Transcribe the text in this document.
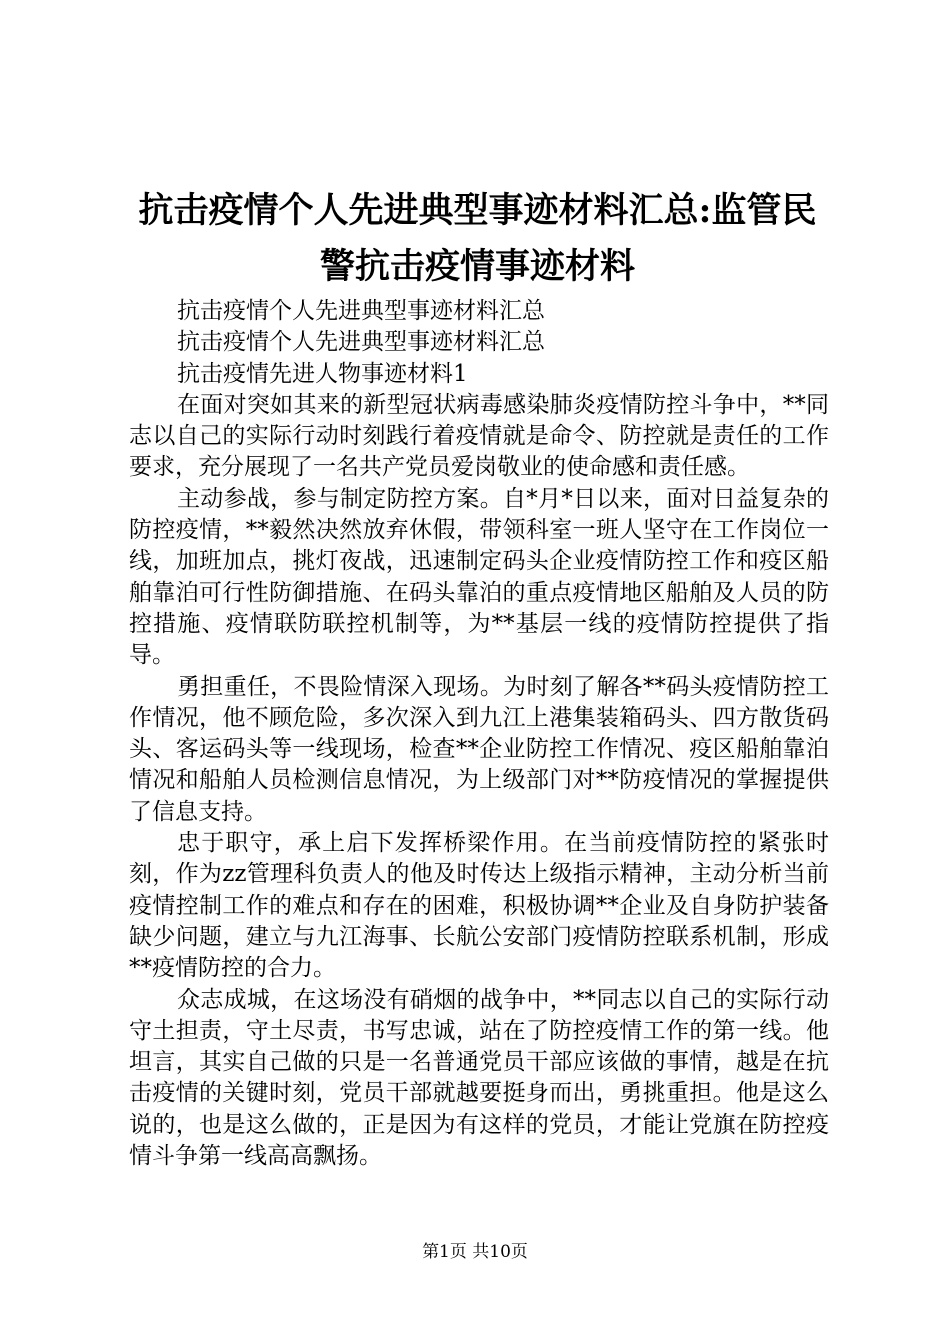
抗击疫情个人先进典型事迹材料汇总:监管民警抗击疫情事迹材料

抗击疫情个人先进典型事迹材料汇总

抗击疫情个人先进典型事迹材料汇总

抗击疫情先进人物事迹材料1

在面对突如其来的新型冠状病毒感染肺炎疫情防控斗争中，**同志以自己的实际行动时刻践行着疫情就是命令、防控就是责任的工作要求，充分展现了一名共产党员爱岗敬业的使命感和责任感。

主动参战，参与制定防控方案。自*月*日以来，面对日益复杂的防控疫情，**毅然决然放弃休假，带领科室一班人坚守在工作岗位一线，加班加点，挑灯夜战，迅速制定码头企业疫情防控工作和疫区船舶靠泊可行性防御措施、在码头靠泊的重点疫情地区船舶及人员的防控措施、疫情联防联控机制等，为**基层一线的疫情防控提供了指导。

勇担重任，不畏险情深入现场。为时刻了解各**码头疫情防控工作情况，他不顾危险，多次深入到九江上港集装箱码头、四方散货码头、客运码头等一线现场，检查**企业防控工作情况、疫区船舶靠泊情况和船舶人员检测信息情况，为上级部门对**防疫情况的掌握提供了信息支持。

忠于职守，承上启下发挥桥梁作用。在当前疫情防控的紧张时刻，作为zz管理科负责人的他及时传达上级指示精神，主动分析当前疫情控制工作的难点和存在的困难，积极协调**企业及自身防护装备缺少问题，建立与九江海事、长航公安部门疫情防控联系机制，形成**疫情防控的合力。

众志成城，在这场没有硝烟的战争中，**同志以自己的实际行动守土担责，守土尽责，书写忠诚，站在了防控疫情工作的第一线。他坦言，其实自己做的只是一名普通党员干部应该做的事情，越是在抗击疫情的关键时刻，党员干部就越要挺身而出，勇挑重担。他是这么说的，也是这么做的，正是因为有这样的党员，才能让党旗在防控疫情斗争第一线高高飘扬。

第1页 共10页
